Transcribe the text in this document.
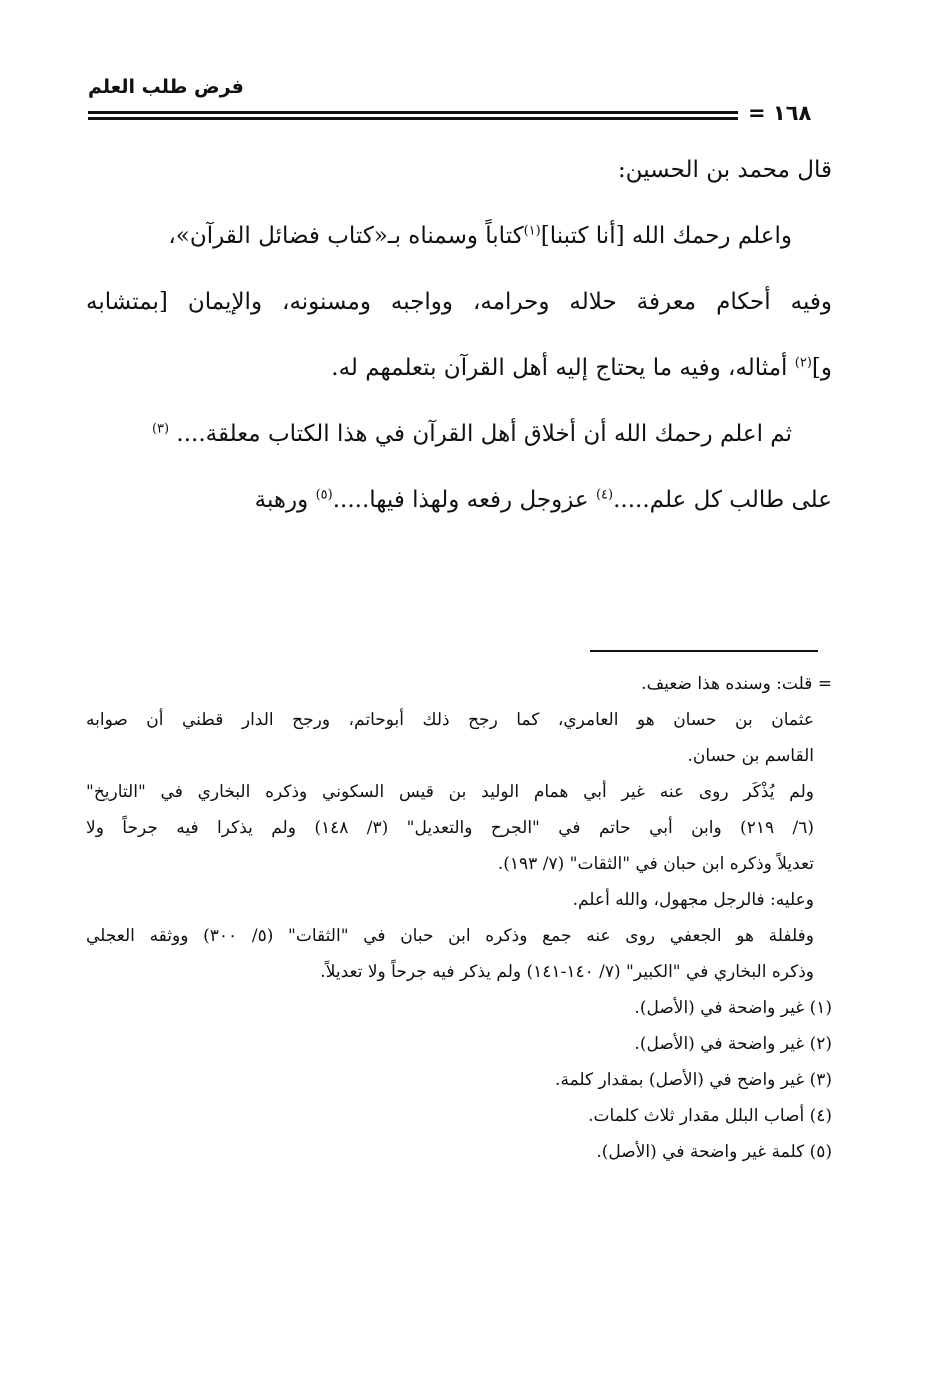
فرض طلب العلم
١٦٨ =

قال محمد بن الحسين:

واعلم رحمك الله [أنا كتبنا]$^{(١)}$كتاباً وسمناه بـ«كتاب فضائل القرآن»،

وفيه أحكام معرفة حلاله وحرامه، وواجبه ومسنونه، والإيمان [بمتشابه

و]$^{(٢)}$ أمثاله، وفيه ما يحتاج إليه أهل القرآن بتعلمهم له.

ثم اعلم رحمك الله أن أخلاق أهل القرآن في هذا الكتاب معلقة.... $^{(٣)}$

على طالب كل علم.....$^{(٤)}$ عزوجل رفعه ولهذا فيها.....$^{(٥)}$ ورهبة

= قلت: وسنده هذا ضعيف.
عثمان بن حسان هو العامري، كما رجح ذلك أبوحاتم، ورجح الدار قطني أن صوابه
القاسم بن حسان.
ولم يُذْكَر روى عنه غير أبي همام الوليد بن قيس السكوني وذكره البخاري في "التاريخ"
(٦/ ٢١٩) وابن أبي حاتم في "الجرح والتعديل" (٣/ ١٤٨) ولم يذكرا فيه جرحاً ولا
تعديلاً وذكره ابن حبان في "الثقات" (٧/ ١٩٣).
وعليه: فالرجل مجهول، والله أعلم.
وفلفلة هو الجعفي روى عنه جمع وذكره ابن حبان في "الثقات" (٥/ ٣٠٠) ووثقه العجلي
وذكره البخاري في "الكبير" (٧/ ١٤٠-١٤١) ولم يذكر فيه جرحاً ولا تعديلاً.
(١) غير واضحة في (الأصل).
(٢) غير واضحة في (الأصل).
(٣) غير واضح في (الأصل) بمقدار كلمة.
(٤) أصاب البلل مقدار ثلاث كلمات.
(٥) كلمة غير واضحة في (الأصل).
